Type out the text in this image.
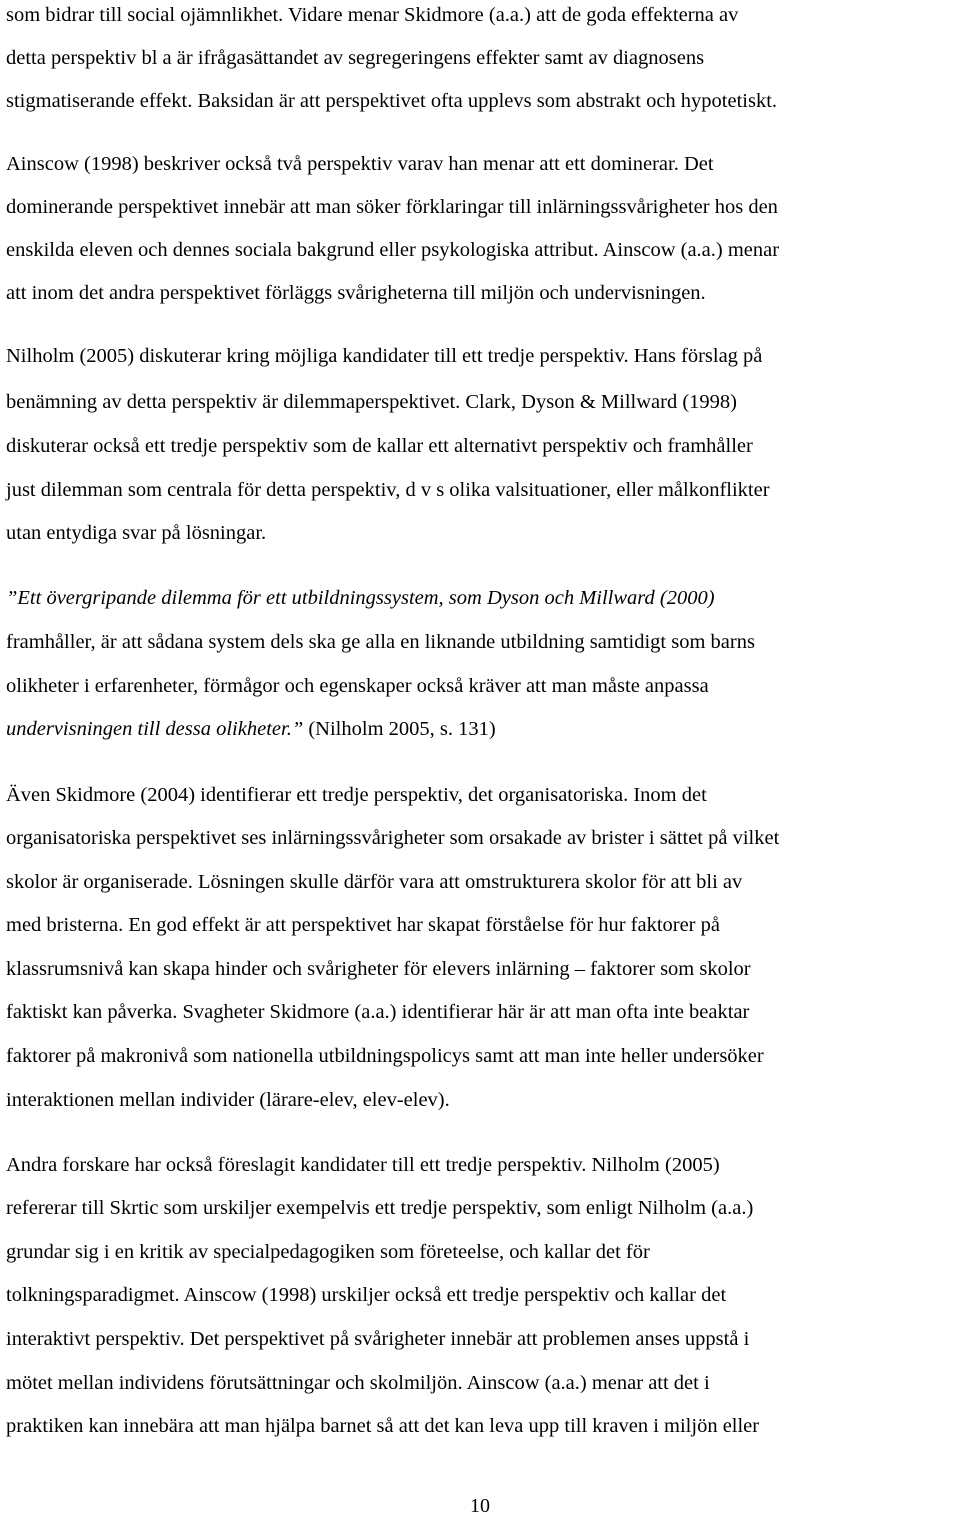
som bidrar till social ojämnlikhet. Vidare menar Skidmore (a.a.) att de goda effekterna av
detta perspektiv bl a är ifrågasättandet av segregeringens effekter samt av diagnosens
stigmatiserande effekt. Baksidan är att perspektivet ofta upplevs som abstrakt och hypotetiskt.
Ainscow (1998) beskriver också två perspektiv varav han menar att ett dominerar. Det
dominerande perspektivet innebär att man söker förklaringar till inlärningssvårigheter hos den
enskilda eleven och dennes sociala bakgrund eller psykologiska attribut. Ainscow (a.a.) menar
att inom det andra perspektivet förläggs svårigheterna till miljön och undervisningen.
Nilholm (2005) diskuterar kring möjliga kandidater till ett tredje perspektiv. Hans förslag på
benämning av detta perspektiv är dilemmaperspektivet. Clark, Dyson & Millward (1998)
diskuterar också ett tredje perspektiv som de kallar ett alternativt perspektiv och framhåller
just dilemman som centrala för detta perspektiv, d v s olika valsituationer, eller målkonflikter
utan entydiga svar på lösningar.
”Ett övergripande dilemma för ett utbildningssystem, som Dyson och Millward (2000)
framhåller, är att sådana system dels ska ge alla en liknande utbildning samtidigt som barns
olikheter i erfarenheter, förmågor och egenskaper också kräver att man måste anpassa
undervisningen till dessa olikheter.” (Nilholm 2005, s. 131)
Även Skidmore (2004) identifierar ett tredje perspektiv, det organisatoriska. Inom det
organisatoriska perspektivet ses inlärningssvårigheter som orsakade av brister i sättet på vilket
skolor är organiserade. Lösningen skulle därför vara att omstrukturera skolor för att bli av
med bristerna. En god effekt är att perspektivet har skapat förståelse för hur faktorer på
klassrumsnivå kan skapa hinder och svårigheter för elevers inlärning – faktorer som skolor
faktiskt kan påverka. Svagheter Skidmore (a.a.) identifierar här är att man ofta inte beaktar
faktorer på makronivå som nationella utbildningspolicys samt att man inte heller undersöker
interaktionen mellan individer (lärare-elev, elev-elev).
Andra forskare har också föreslagit kandidater till ett tredje perspektiv. Nilholm (2005)
refererar till Skrtic som urskiljer exempelvis ett tredje perspektiv, som enligt Nilholm (a.a.)
grundar sig i en kritik av specialpedagogiken som företeelse, och kallar det för
tolkningsparadigmet. Ainscow (1998) urskiljer också ett tredje perspektiv och kallar det
interaktivt perspektiv. Det perspektivet på svårigheter innebär att problemen anses uppstå i
mötet mellan individens förutsättningar och skolmiljön. Ainscow (a.a.) menar att det i
praktiken kan innebära att man hjälpa barnet så att det kan leva upp till kraven i miljön eller
10
